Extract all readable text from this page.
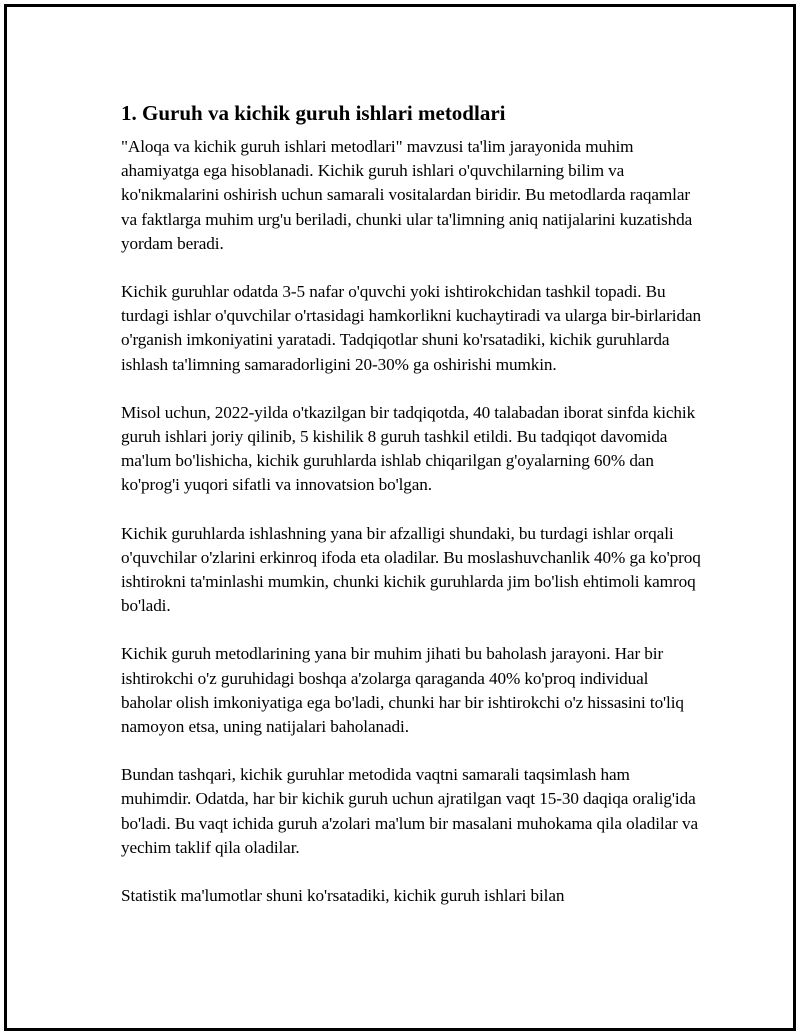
1. Guruh va kichik guruh ishlari metodlari

"Aloqa va kichik guruh ishlari metodlari" mavzusi ta'lim jarayonida muhim ahamiyatga ega hisoblanadi. Kichik guruh ishlari o'quvchilarning bilim va ko'nikmalarini oshirish uchun samarali vositalardan biridir. Bu metodlarda raqamlar va faktlarga muhim urg'u beriladi, chunki ular ta'limning aniq natijalarini kuzatishda yordam beradi.

Kichik guruhlar odatda 3-5 nafar o'quvchi yoki ishtirokchidan tashkil topadi. Bu turdagi ishlar o'quvchilar o'rtasidagi hamkorlikni kuchaytiradi va ularga bir-birlaridan o'rganish imkoniyatini yaratadi. Tadqiqotlar shuni ko'rsatadiki, kichik guruhlarda ishlash ta'limning samaradorligini 20-30% ga oshirishi mumkin.

Misol uchun, 2022-yilda o'tkazilgan bir tadqiqotda, 40 talabadan iborat sinfda kichik guruh ishlari joriy qilinib, 5 kishilik 8 guruh tashkil etildi. Bu tadqiqot davomida ma'lum bo'lishicha, kichik guruhlarda ishlab chiqarilgan g'oyalarning 60% dan ko'prog'i yuqori sifatli va innovatsion bo'lgan.

Kichik guruhlarda ishlashning yana bir afzalligi shundaki, bu turdagi ishlar orqali o'quvchilar o'zlarini erkinroq ifoda eta oladilar. Bu moslashuvchanlik 40% ga ko'proq ishtirokni ta'minlashi mumkin, chunki kichik guruhlarda jim bo'lish ehtimoli kamroq bo'ladi.

Kichik guruh metodlarining yana bir muhim jihati bu baholash jarayoni. Har bir ishtirokchi o'z guruhidagi boshqa a'zolarga qaraganda 40% ko'proq individual baholar olish imkoniyatiga ega bo'ladi, chunki har bir ishtirokchi o'z hissasini to'liq namoyon etsa, uning natijalari baholanadi.

Bundan tashqari, kichik guruhlar metodida vaqtni samarali taqsimlash ham muhimdir. Odatda, har bir kichik guruh uchun ajratilgan vaqt 15-30 daqiqa oralig'ida bo'ladi. Bu vaqt ichida guruh a'zolari ma'lum bir masalani muhokama qila oladilar va yechim taklif qila oladilar.

Statistik ma'lumotlar shuni ko'rsatadiki, kichik guruh ishlari bilan
